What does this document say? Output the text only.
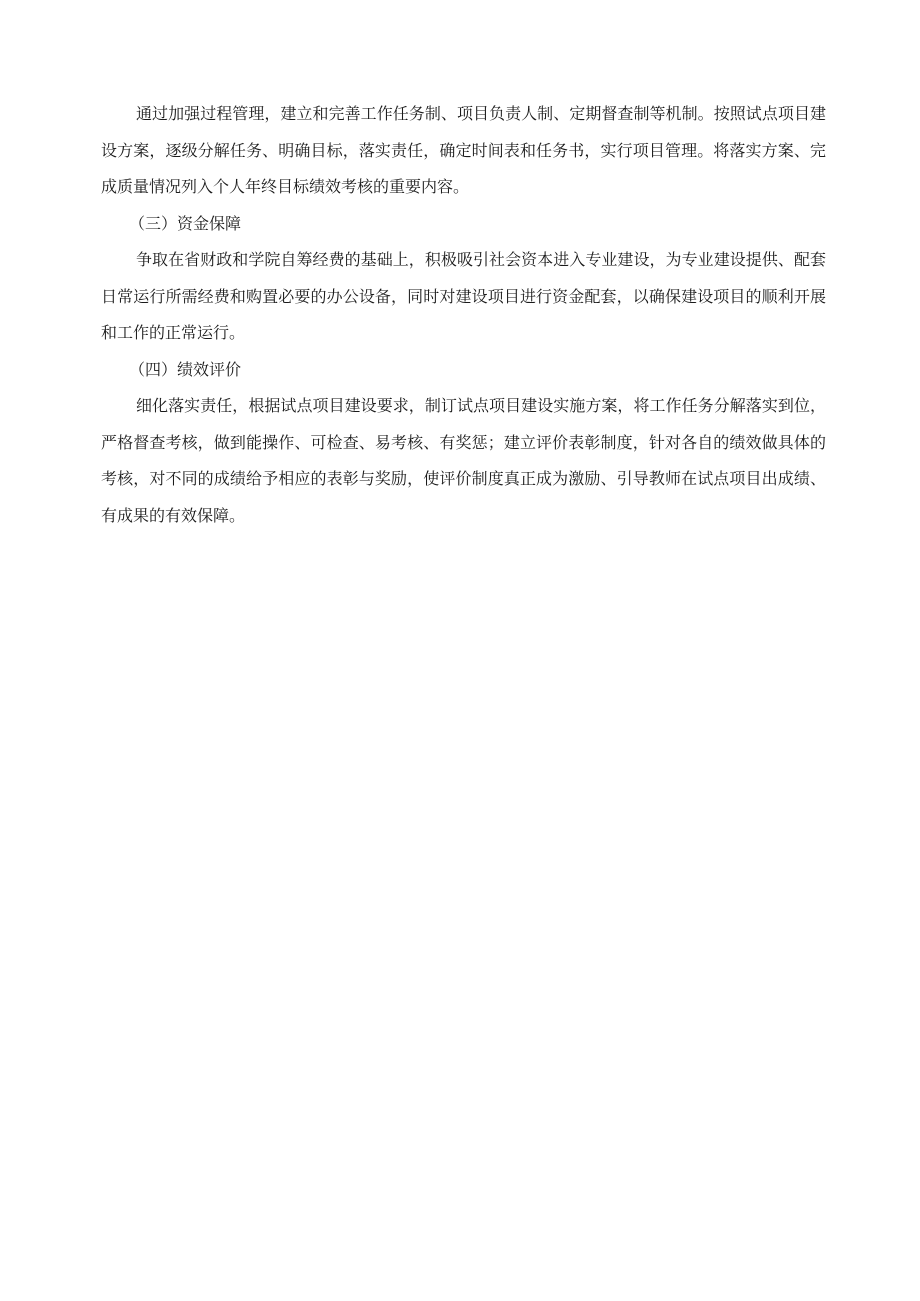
通过加强过程管理，建立和完善工作任务制、项目负责人制、定期督查制等机制。按照试点项目建设方案，逐级分解任务、明确目标，落实责任，确定时间表和任务书，实行项目管理。将落实方案、完成质量情况列入个人年终目标绩效考核的重要内容。

（三）资金保障

争取在省财政和学院自筹经费的基础上，积极吸引社会资本进入专业建设，为专业建设提供、配套日常运行所需经费和购置必要的办公设备，同时对建设项目进行资金配套，以确保建设项目的顺利开展和工作的正常运行。

（四）绩效评价

细化落实责任，根据试点项目建设要求，制订试点项目建设实施方案，将工作任务分解落实到位，严格督查考核，做到能操作、可检查、易考核、有奖惩；建立评价表彰制度，针对各自的绩效做具体的考核，对不同的成绩给予相应的表彰与奖励，使评价制度真正成为激励、引导教师在试点项目出成绩、有成果的有效保障。
